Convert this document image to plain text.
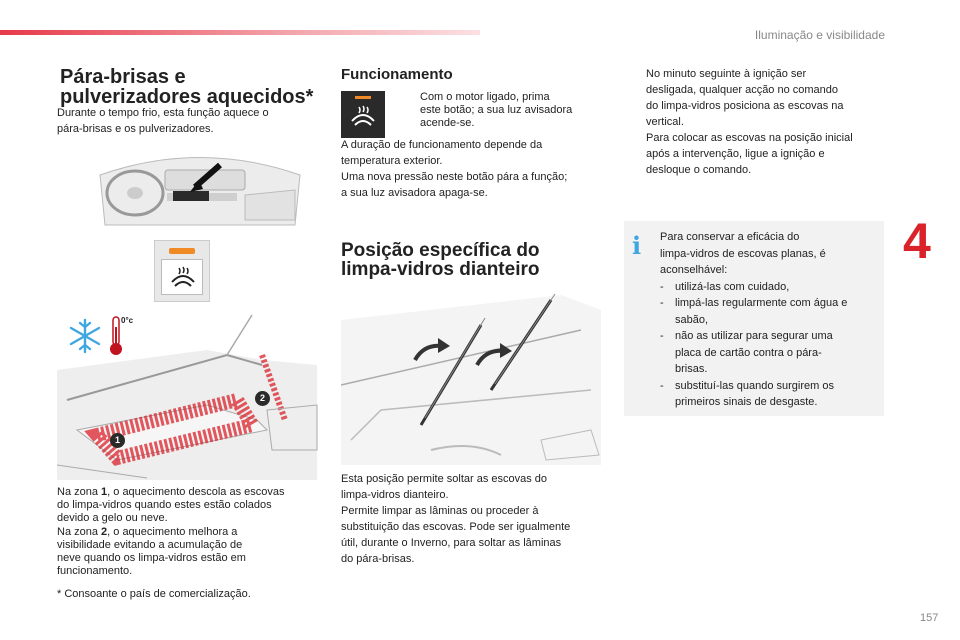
Iluminação e visibilidade
4
157
Pára-brisas e
pulverizadores aquecidos*

Durante o tempo frio, esta função aquece o

pára-brisas e os pulverizadores.

0°c
1
2

Na zona 1, o aquecimento descola as escovas

do limpa-vidros quando estes estão colados

devido a gelo ou neve.

Na zona 2, o aquecimento melhora a

visibilidade evitando a acumulação de

neve quando os limpa-vidros estão em

funcionamento.

* Consoante o país de comercialização.
Funcionamento

Com o motor ligado, prima

este botão; a sua luz avisadora

acende-se.

A duração de funcionamento depende da

temperatura exterior.

Uma nova pressão neste botão pára a função;

a sua luz avisadora apaga-se.

Posição específica do
limpa-vidros dianteiro

Esta posição permite soltar as escovas do

limpa-vidros dianteiro.

Permite limpar as lâminas ou proceder à

substituição das escovas. Pode ser igualmente

útil, durante o Inverno, para soltar as lâminas

do pára-brisas.

No minuto seguinte à ignição ser

desligada, qualquer acção no comando

do limpa-vidros posiciona as escovas na

vertical.

Para colocar as escovas na posição inicial

após a intervenção, ligue a ignição e

desloque o comando.

i Para conservar a eficácia do

limpa-vidros de escovas planas, é

aconselhável:

-	utilizá-las com cuidado,

-	limpá-las regularmente com água e

sabão,

-	não as utilizar para segurar uma

placa de cartão contra o pára-

brisas.

-	substituí-las quando surgirem os

primeiros sinais de desgaste.
